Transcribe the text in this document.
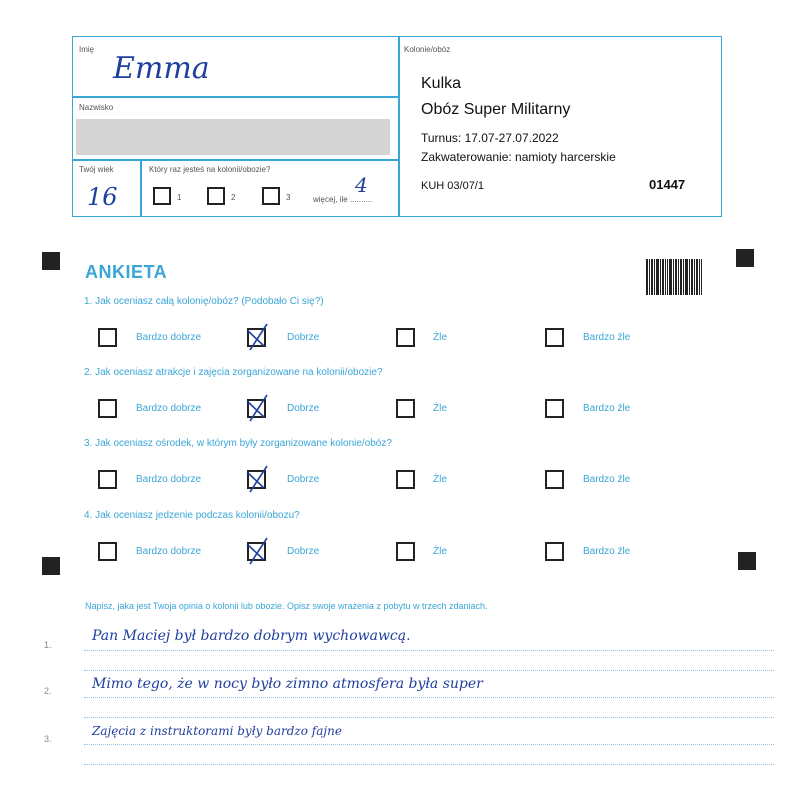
Imię
Emma
Nazwisko
Twój wiek
16
Który raz jesteś na kolonii/obozie?
1	2	3	więcej, ile ..........
4
Kolonie/obóz
Kulka
Obóz Super Militarny
Turnus: 17.07-27.07.2022
Zakwaterowanie: namioty harcerskie
KUH 03/07/1	01447
ANKIETA
1. Jak oceniasz całą kolonię/obóz? (Podobało Ci się?)
Bardzo dobrze	Dobrze	Źle	Bardzo źle
2. Jak oceniasz atrakcje i zajęcia zorganizowane na kolonii/obozie?
Bardzo dobrze	Dobrze	Źle	Bardzo źle
3. Jak oceniasz ośrodek, w którym były zorganizowane kolonie/obóz?
Bardzo dobrze	Dobrze	Źle	Bardzo źle
4. Jak oceniasz jedzenie podczas kolonii/obozu?
Bardzo dobrze	Dobrze	Źle	Bardzo źle
Napisz, jaka jest Twoja opinia o kolonii lub obozie. Opisz swoje wrażenia z pobytu w trzech zdaniach.
1.
Pan Maciej był bardzo dobrym wychowawcą.
2.	Mimo tego, że w nocy było zimno atmosfera była super
3.
Zajęcia z instruktorami były bardzo fajne
